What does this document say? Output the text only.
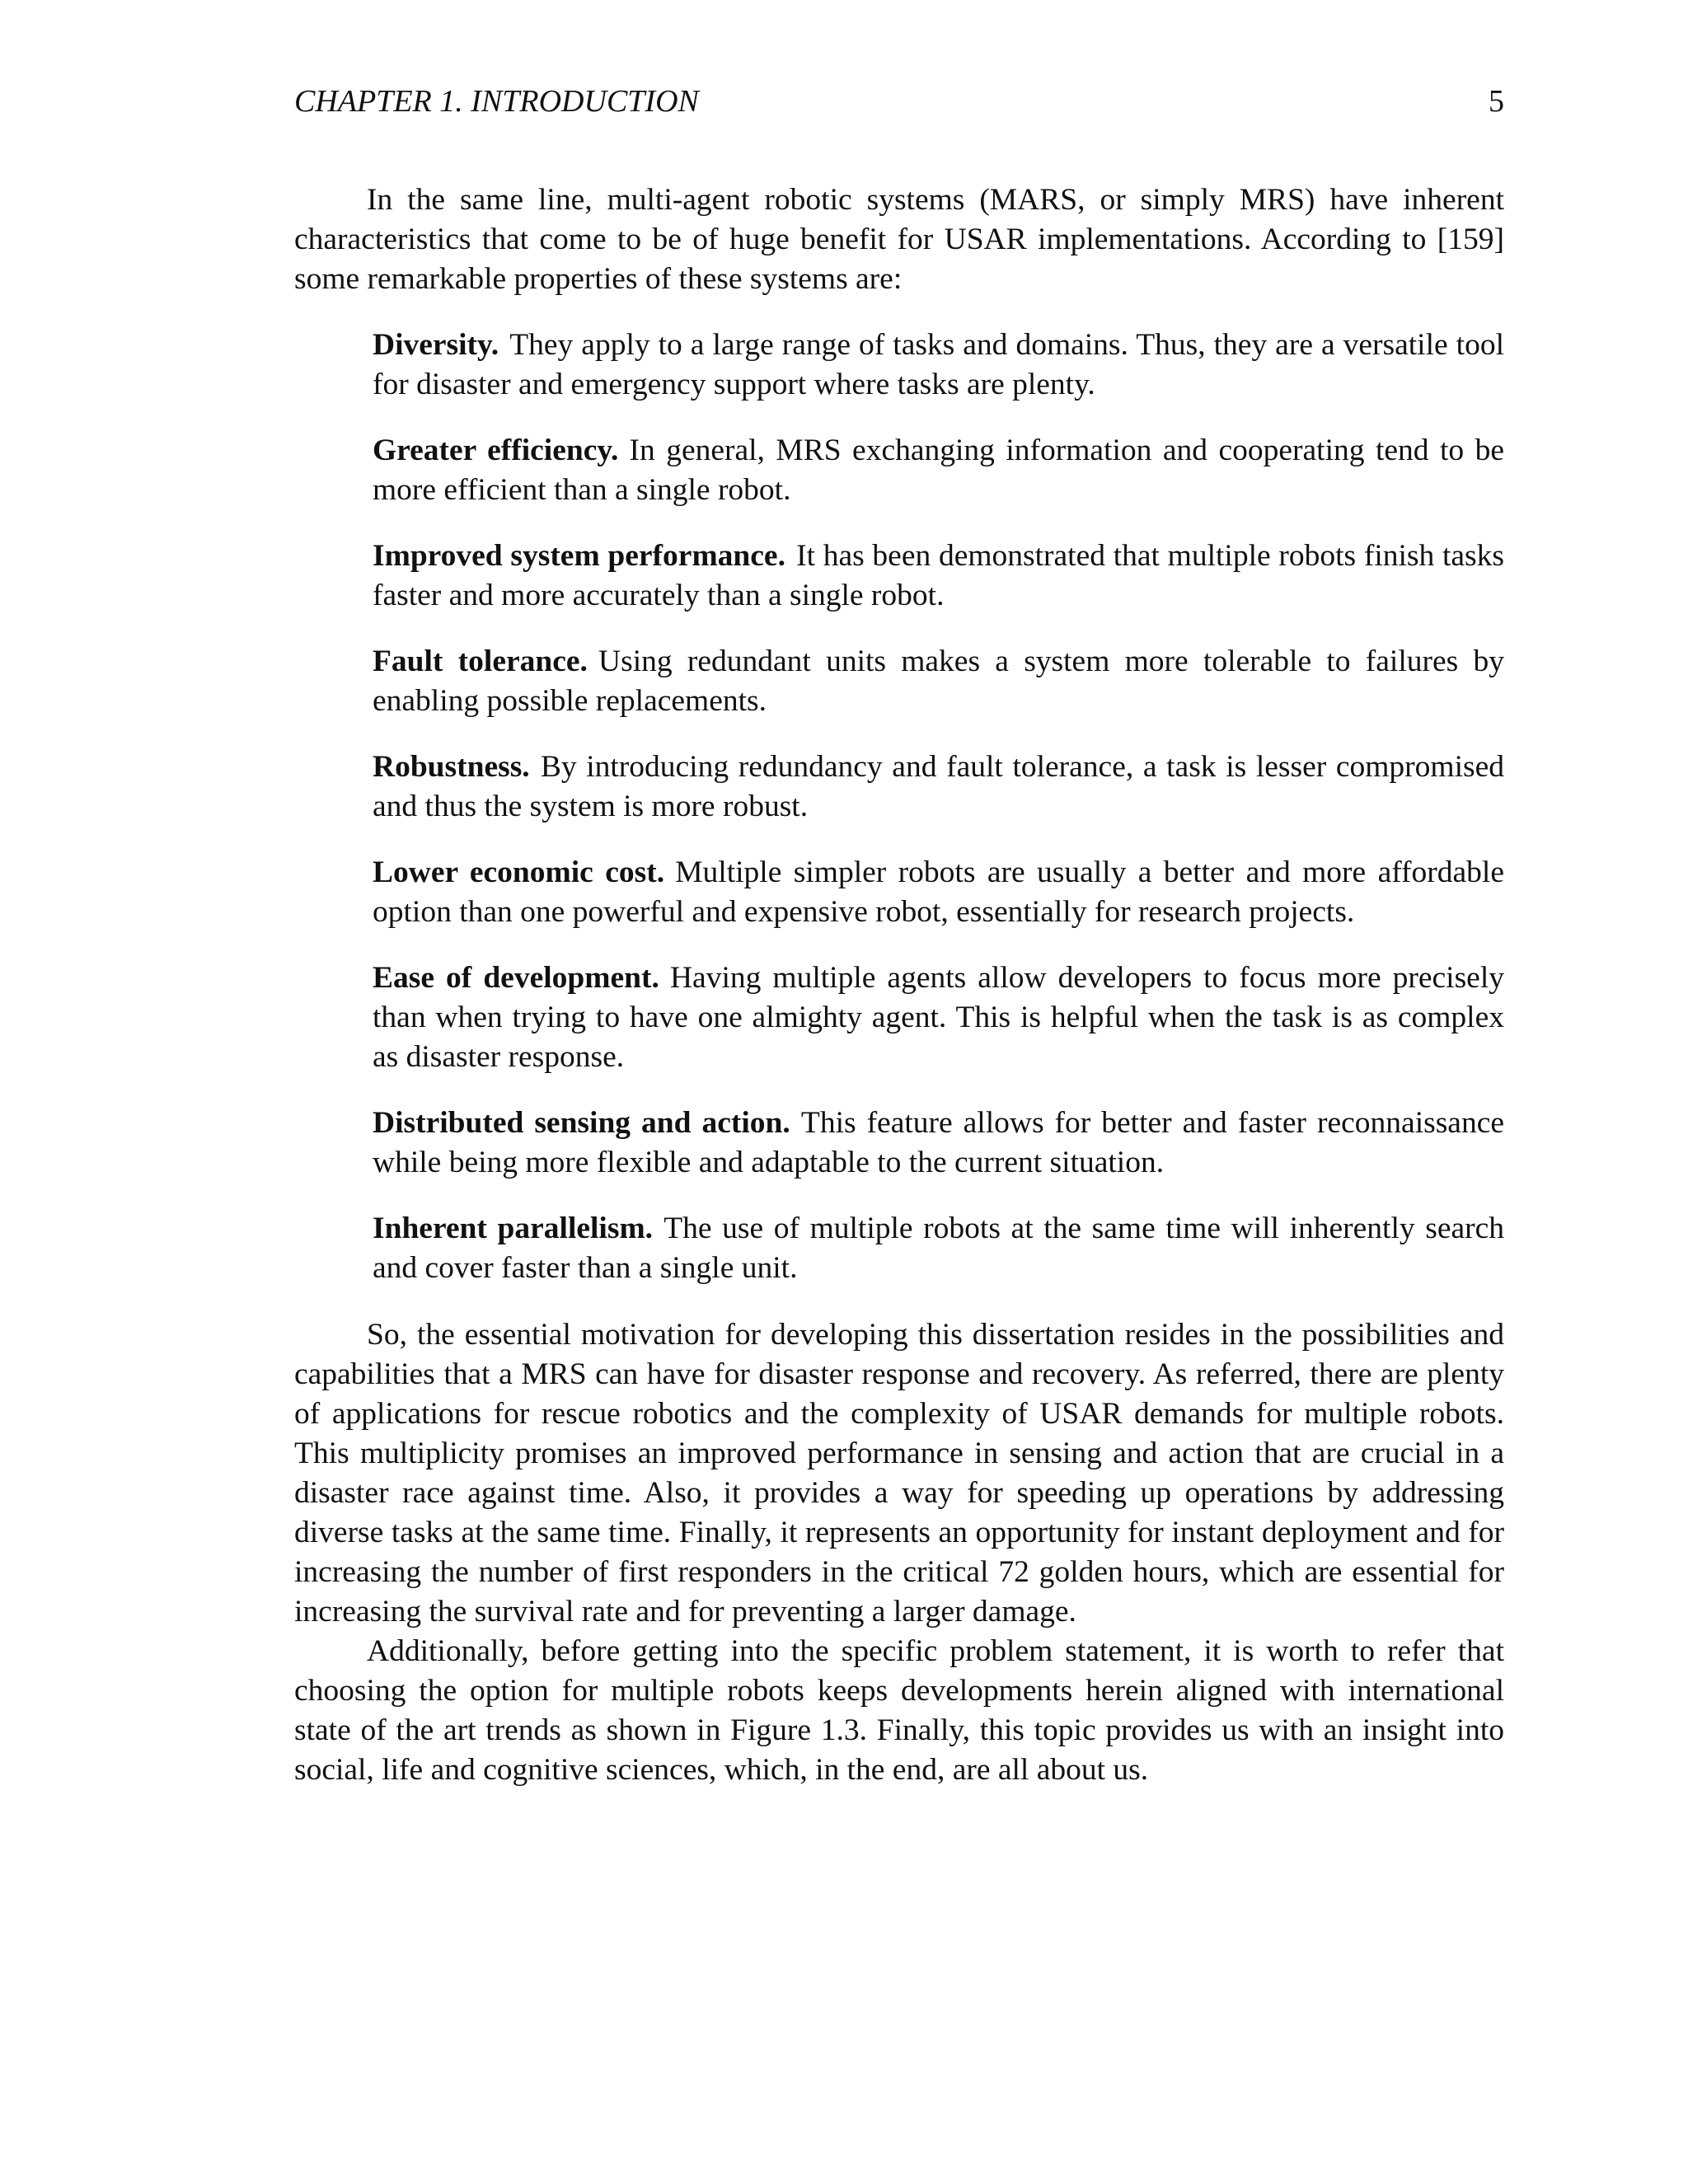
CHAPTER 1. INTRODUCTION	5

In the same line, multi-agent robotic systems (MARS, or simply MRS) have inherent characteristics that come to be of huge benefit for USAR implementations. According to [159] some remarkable properties of these systems are:

Diversity. They apply to a large range of tasks and domains. Thus, they are a versatile tool for disaster and emergency support where tasks are plenty.
Greater efficiency. In general, MRS exchanging information and cooperating tend to be more efficient than a single robot.
Improved system performance. It has been demonstrated that multiple robots finish tasks faster and more accurately than a single robot.
Fault tolerance. Using redundant units makes a system more tolerable to failures by enabling possible replacements.
Robustness. By introducing redundancy and fault tolerance, a task is lesser compromised and thus the system is more robust.
Lower economic cost. Multiple simpler robots are usually a better and more affordable option than one powerful and expensive robot, essentially for research projects.
Ease of development. Having multiple agents allow developers to focus more precisely than when trying to have one almighty agent. This is helpful when the task is as complex as disaster response.
Distributed sensing and action. This feature allows for better and faster reconnaissance while being more flexible and adaptable to the current situation.
Inherent parallelism. The use of multiple robots at the same time will inherently search and cover faster than a single unit.

So, the essential motivation for developing this dissertation resides in the possibilities and capabilities that a MRS can have for disaster response and recovery. As referred, there are plenty of applications for rescue robotics and the complexity of USAR demands for multiple robots. This multiplicity promises an improved performance in sensing and action that are crucial in a disaster race against time. Also, it provides a way for speeding up operations by addressing diverse tasks at the same time. Finally, it represents an opportunity for instant deployment and for increasing the number of first responders in the critical 72 golden hours, which are essential for increasing the survival rate and for preventing a larger damage.

Additionally, before getting into the specific problem statement, it is worth to refer that choosing the option for multiple robots keeps developments herein aligned with international state of the art trends as shown in Figure 1.3. Finally, this topic provides us with an insight into social, life and cognitive sciences, which, in the end, are all about us.
